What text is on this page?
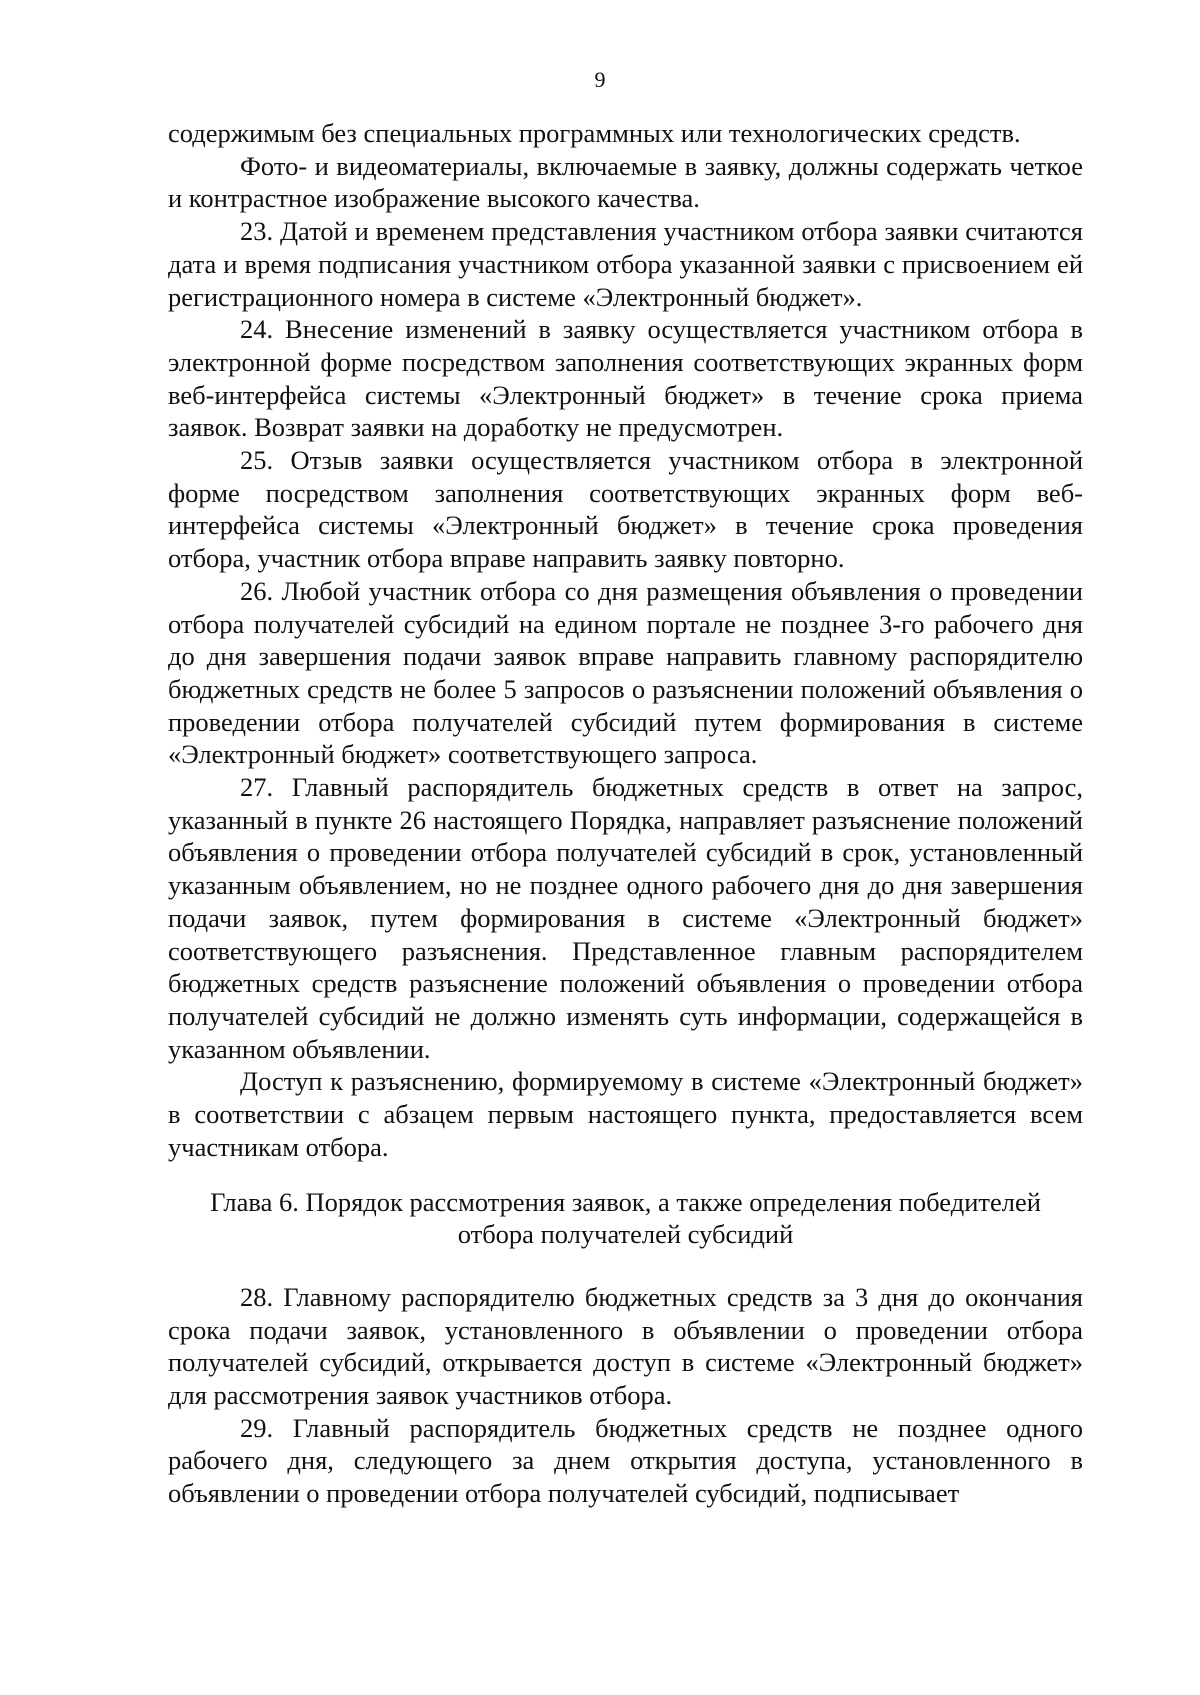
9

содержимым без специальных программных или технологических средств.

Фото- и видеоматериалы, включаемые в заявку, должны содержать четкое и контрастное изображение высокого качества.

23. Датой и временем представления участником отбора заявки считаются дата и время подписания участником отбора указанной заявки с присвоением ей регистрационного номера в системе «Электронный бюджет».

24. Внесение изменений в заявку осуществляется участником отбора в электронной форме посредством заполнения соответствующих экранных форм веб-интерфейса системы «Электронный бюджет» в течение срока приема заявок. Возврат заявки на доработку не предусмотрен.

25. Отзыв заявки осуществляется участником отбора в электронной форме посредством заполнения соответствующих экранных форм веб-интерфейса системы «Электронный бюджет» в течение срока проведения отбора, участник отбора вправе направить заявку повторно.

26. Любой участник отбора со дня размещения объявления о проведении отбора получателей субсидий на едином портале не позднее 3-го рабочего дня до дня завершения подачи заявок вправе направить главному распорядителю бюджетных средств не более 5 запросов о разъяснении положений объявления о проведении отбора получателей субсидий путем формирования в системе «Электронный бюджет» соответствующего запроса.

27. Главный распорядитель бюджетных средств в ответ на запрос, указанный в пункте 26 настоящего Порядка, направляет разъяснение положений объявления о проведении отбора получателей субсидий в срок, установленный указанным объявлением, но не позднее одного рабочего дня до дня завершения подачи заявок, путем формирования в системе «Электронный бюджет» соответствующего разъяснения. Представленное главным распорядителем бюджетных средств разъяснение положений объявления о проведении отбора получателей субсидий не должно изменять суть информации, содержащейся в указанном объявлении.

Доступ к разъяснению, формируемому в системе «Электронный бюджет» в соответствии с абзацем первым настоящего пункта, предоставляется всем участникам отбора.

Глава 6. Порядок рассмотрения заявок, а также определения победителей
отбора получателей субсидий

28. Главному распорядителю бюджетных средств за 3 дня до окончания срока подачи заявок, установленного в объявлении о проведении отбора получателей субсидий, открывается доступ в системе «Электронный бюджет» для рассмотрения заявок участников отбора.

29. Главный распорядитель бюджетных средств не позднее одного рабочего дня, следующего за днем открытия доступа, установленного в объявлении о проведении отбора получателей субсидий, подписывает
